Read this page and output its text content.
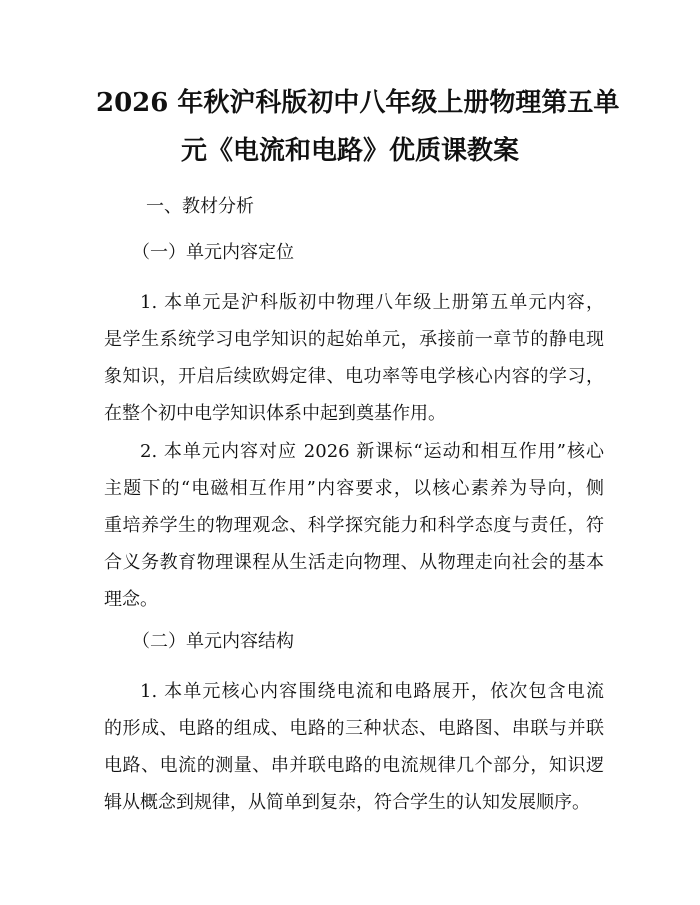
2026 年秋沪科版初中八年级上册物理第五单
元《电流和电路》优质课教案
一、教材分析
（一）单元内容定位
1. 本单元是沪科版初中物理八年级上册第五单元内容，
是学生系统学习电学知识的起始单元，承接前一章节的静电现
象知识，开启后续欧姆定律、电功率等电学核心内容的学习，
在整个初中电学知识体系中起到奠基作用。
2. 本单元内容对应 2026 新课标“运动和相互作用”核心
主题下的“电磁相互作用”内容要求，以核心素养为导向，侧
重培养学生的物理观念、科学探究能力和科学态度与责任，符
合义务教育物理课程从生活走向物理、从物理走向社会的基本
理念。
（二）单元内容结构
1. 本单元核心内容围绕电流和电路展开，依次包含电流
的形成、电路的组成、电路的三种状态、电路图、串联与并联
电路、电流的测量、串并联电路的电流规律几个部分，知识逻
辑从概念到规律，从简单到复杂，符合学生的认知发展顺序。
